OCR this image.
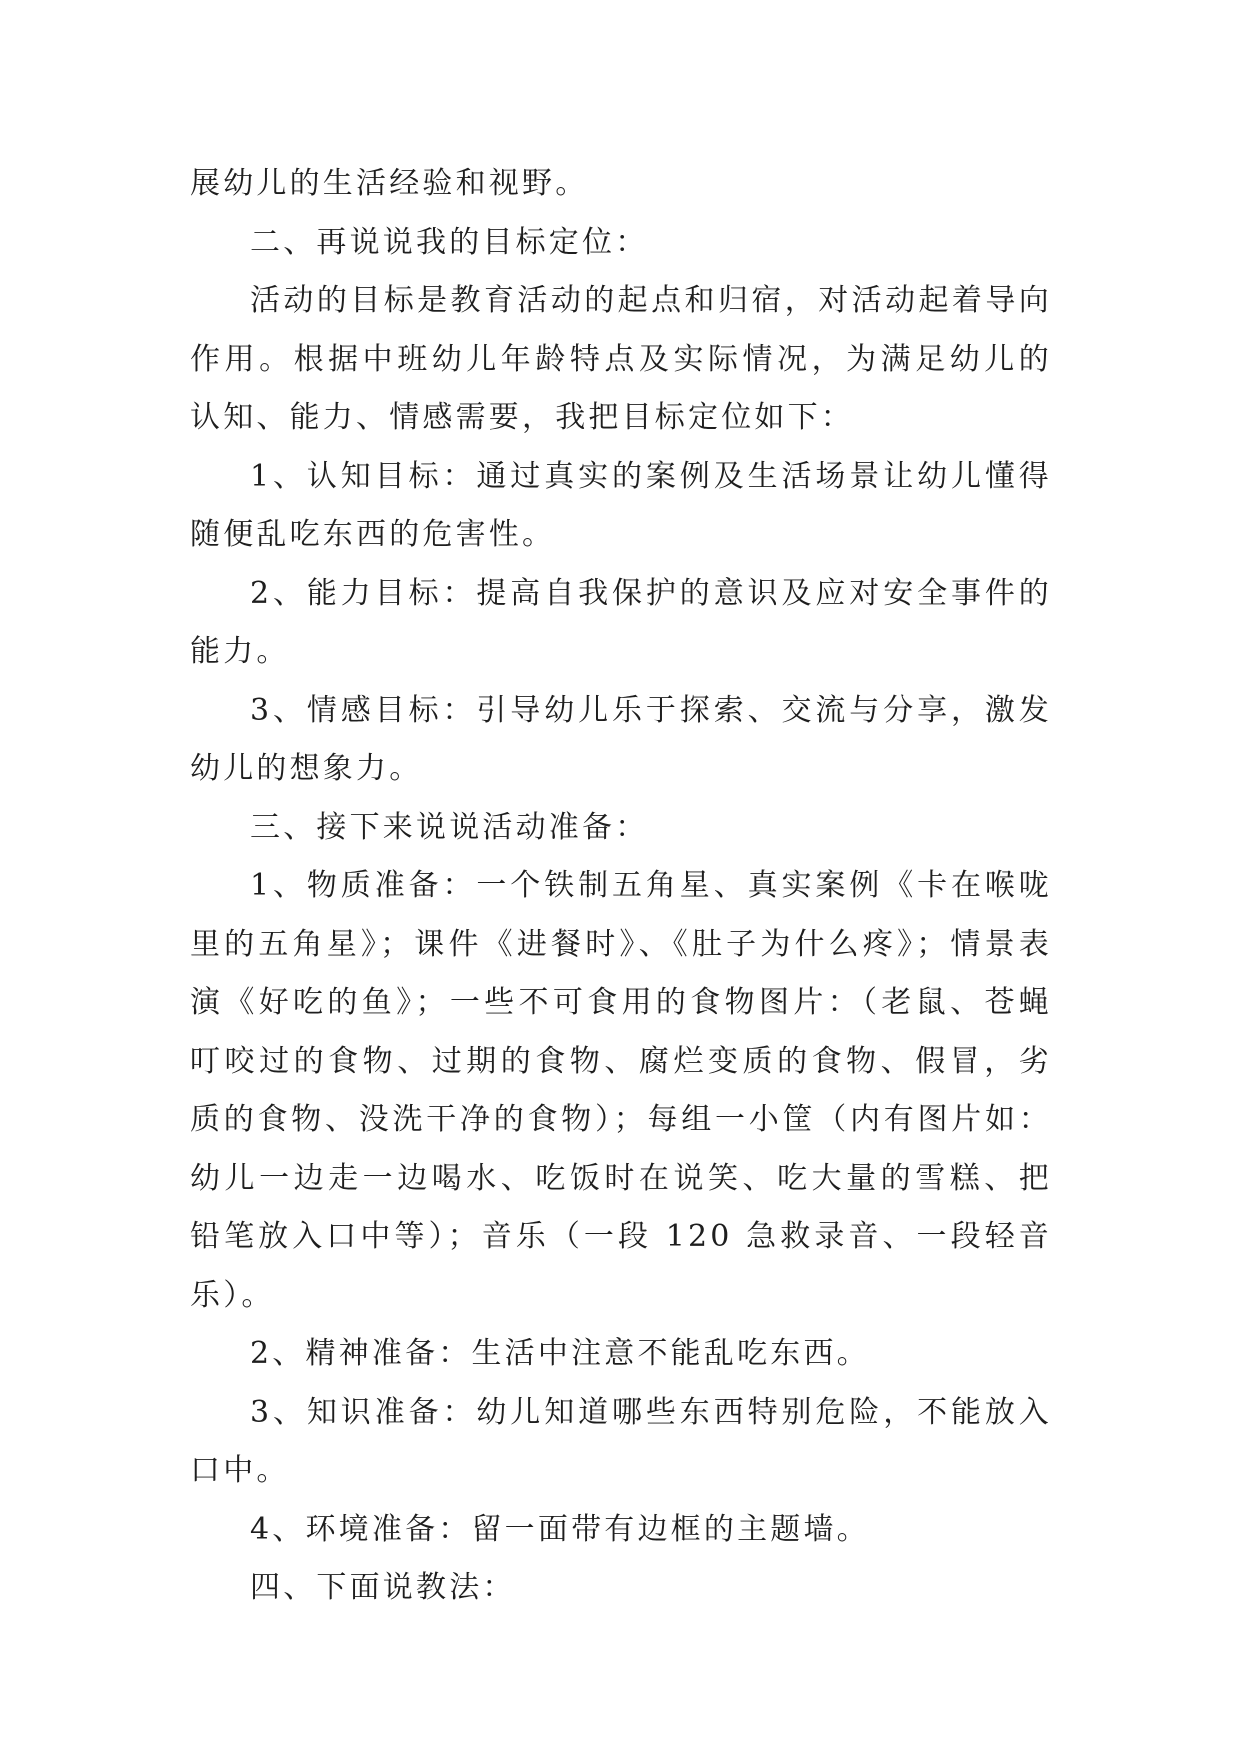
展幼儿的生活经验和视野。

二、再说说我的目标定位：

活动的目标是教育活动的起点和归宿，对活动起着导向作用。根据中班幼儿年龄特点及实际情况，为满足幼儿的认知、能力、情感需要，我把目标定位如下：

1、认知目标：通过真实的案例及生活场景让幼儿懂得随便乱吃东西的危害性。

2、能力目标：提高自我保护的意识及应对安全事件的能力。

3、情感目标：引导幼儿乐于探索、交流与分享，激发幼儿的想象力。

三、接下来说说活动准备：

1、物质准备：一个铁制五角星、真实案例《卡在喉咙里的五角星》；课件《进餐时》、《肚子为什么疼》；情景表演《好吃的鱼》；一些不可食用的食物图片：（老鼠、苍蝇叮咬过的食物、过期的食物、腐烂变质的食物、假冒，劣质的食物、没洗干净的食物）；每组一小筐（内有图片如：幼儿一边走一边喝水、吃饭时在说笑、吃大量的雪糕、把铅笔放入口中等）；音乐（一段 120 急救录音、一段轻音乐）。

2、精神准备：生活中注意不能乱吃东西。

3、知识准备：幼儿知道哪些东西特别危险，不能放入口中。

4、环境准备：留一面带有边框的主题墙。

四、下面说教法：
